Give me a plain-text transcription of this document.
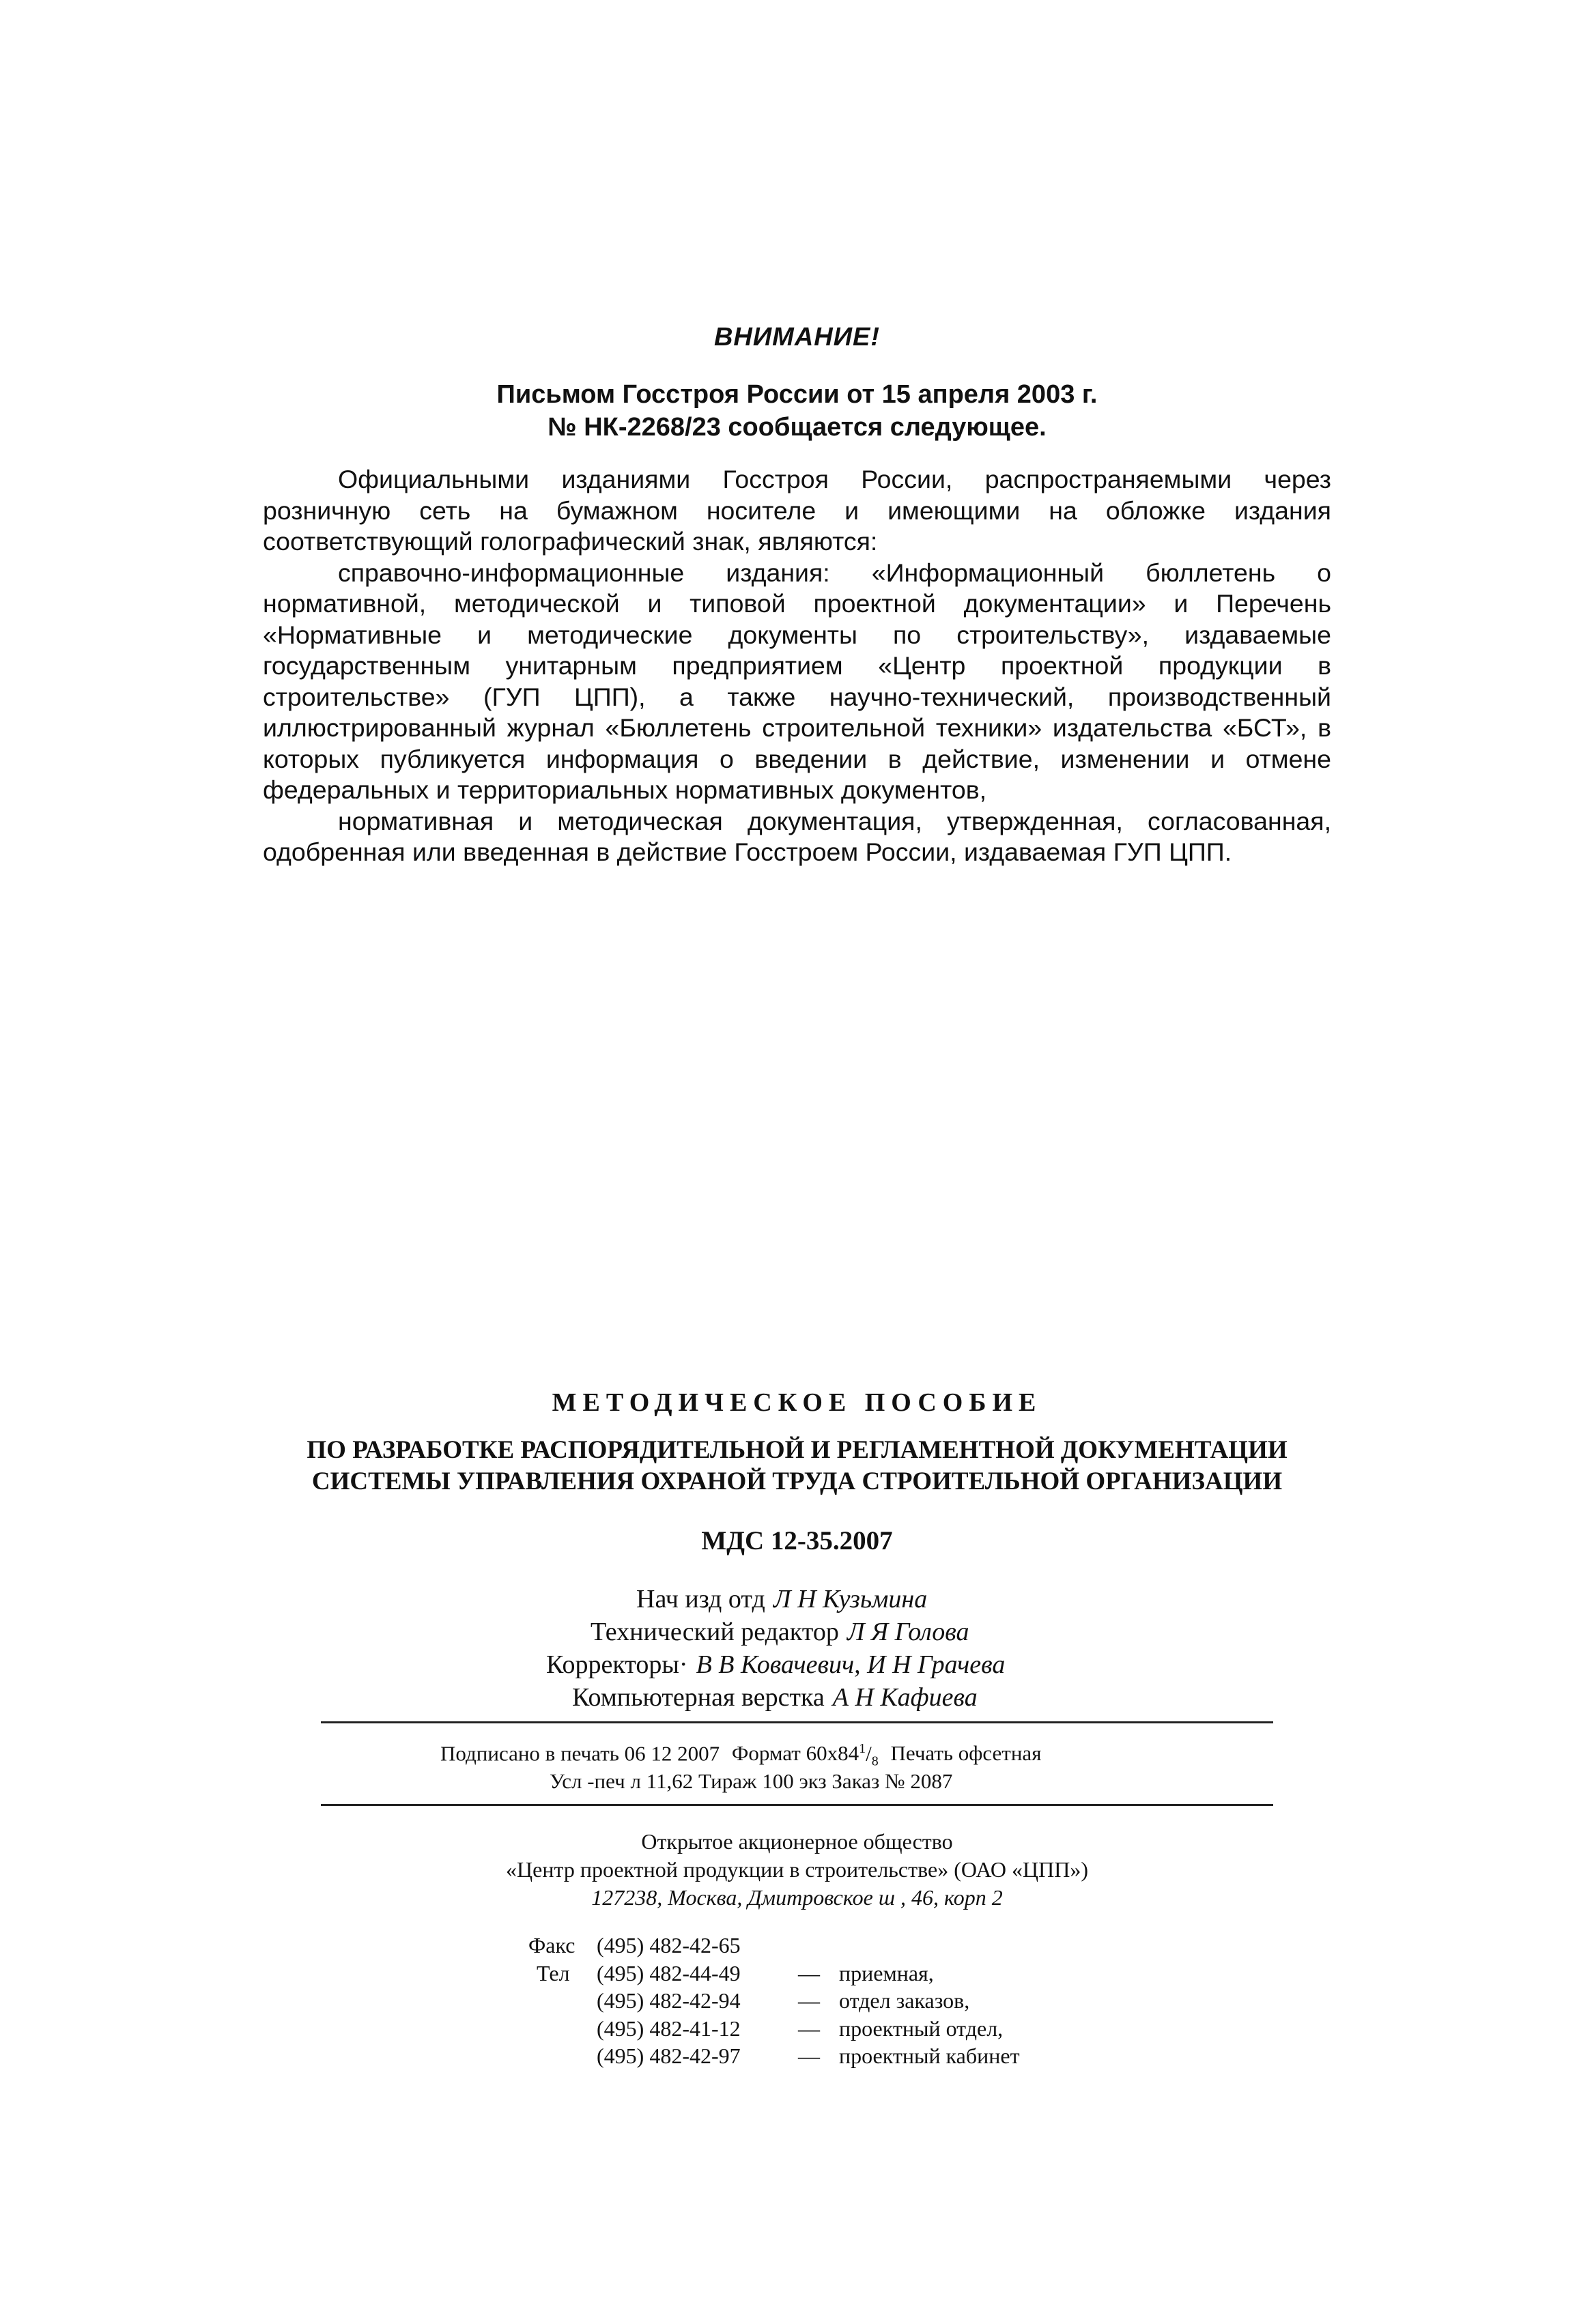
ВНИМАНИЕ!
Письмом Госстроя России от 15 апреля 2003 г.
№ НК-2268/23 сообщается следующее.

Официальными изданиями Госстроя России, распространяемыми через розничную сеть на бумажном носителе и имеющими на обложке издания соответствующий голографический знак, являются:

справочно-информационные издания: «Информационный бюллетень о нормативной, методической и типовой проектной документации» и Перечень «Нормативные и методические документы по строительству», издаваемые государственным унитарным предприятием «Центр проектной продукции в строительстве» (ГУП ЦПП), а также научно-технический, производственный иллюстрированный журнал «Бюллетень строительной техники» издательства «БСТ», в которых публикуется информация о введении в действие, изменении и отмене федеральных и территориальных нормативных документов,

нормативная и методическая документация, утвержденная, согласованная, одобренная или введенная в действие Госстроем России, издаваемая ГУП ЦПП.

МЕТОДИЧЕСКОЕ ПОСОБИЕ
ПО РАЗРАБОТКЕ РАСПОРЯДИТЕЛЬНОЙ И РЕГЛАМЕНТНОЙ ДОКУМЕНТАЦИИ
СИСТЕМЫ УПРАВЛЕНИЯ ОХРАНОЙ ТРУДА СТРОИТЕЛЬНОЙ ОРГАНИЗАЦИИ
МДС 12-35.2007
Нач изд отд Л Н Кузьмина
Технический редактор Л Я Голова
Корректоры· В В Ковачевич, И Н Грачева
Компьютерная верстка А Н Кафиева
Подписано в печать 06 12 2007 Формат $60х84^1/_8$ Печать офсетная
Усл -печ л 11,62 Тираж 100 экз Заказ № 2087
Открытое акционерное общество
«Центр проектной продукции в строительстве» (ОАО «ЦПП»)
127238, Москва, Дмитровское ш , 46, корп 2
Факс (495) 482-42-65
Тел (495) 482-44-49	— приемная,
(495) 482-42-94	— отдел заказов,
(495) 482-41-12	— проектный отдел,
(495) 482-42-97	— проектный кабинет
